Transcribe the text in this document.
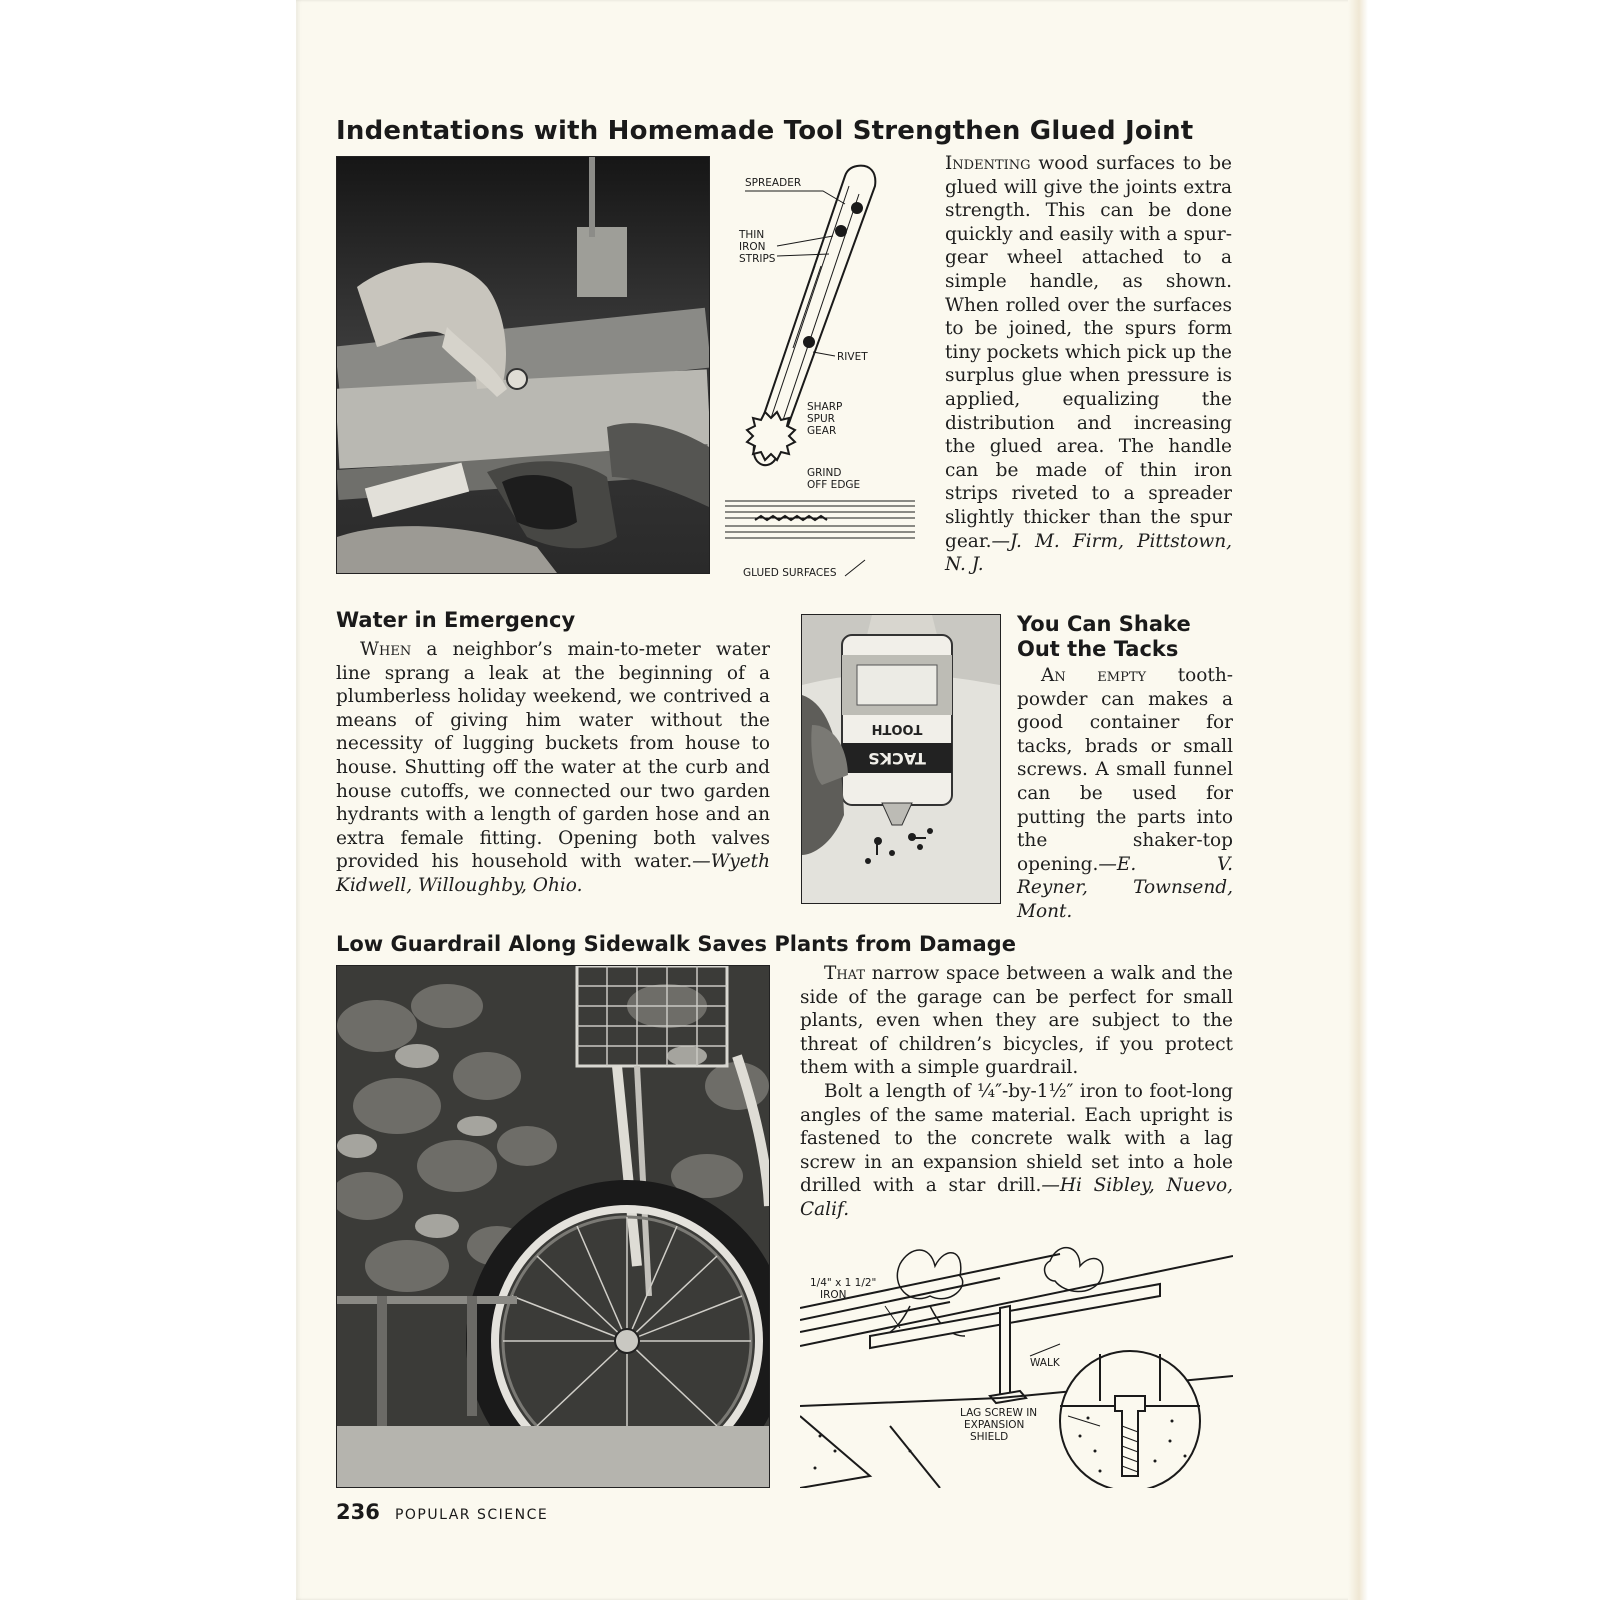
Indentations with Homemade Tool Strengthen Glued Joint
SPREADER
THIN
IRON
STRIPS
RIVET
SHARP
SPUR
GEAR
GRIND
OFF EDGE
GLUED SURFACES

Indenting wood surfaces to be glued will give the joints extra strength. This can be done quickly and easily with a spur-gear wheel attached to a simple handle, as shown. When rolled over the surfaces to be joined, the spurs form tiny pockets which pick up the surplus glue when pressure is applied, equalizing the distribution and increasing the glued area. The handle can be made of thin iron strips riveted to a spreader slightly thicker than the spur gear.—J. M. Firm, Pittstown, N. J.

Water in Emergency

When a neighbor’s main-to-meter water line sprang a leak at the beginning of a plumberless holiday weekend, we contrived a means of giving him water without the necessity of lugging buckets from house to house. Shutting off the water at the curb and house cutoffs, we connected our two garden hydrants with a length of garden hose and an extra female fitting. Opening both valves provided his household with water.—Wyeth Kidwell, Willoughby, Ohio.

TOOTH
TACKS
You Can Shake
Out the Tacks

An empty tooth-powder can makes a good container for tacks, brads or small screws. A small funnel can be used for putting the parts into the shaker-top opening.—E. V. Reyner, Townsend, Mont.

Low Guardrail Along Sidewalk Saves Plants from Damage

That narrow space between a walk and the side of the garage can be perfect for small plants, even when they are subject to the threat of children’s bicycles, if you protect them with a simple guardrail.

Bolt a length of ¼″-by-1½″ iron to foot-long angles of the same material. Each upright is fastened to the concrete walk with a lag screw in an expansion shield set into a hole drilled with a star drill.—Hi Sibley, Nuevo, Calif.

1/4" x 1 1/2"
IRON
WALK
LAG SCREW IN
EXPANSION
SHIELD
236 POPULAR SCIENCE
